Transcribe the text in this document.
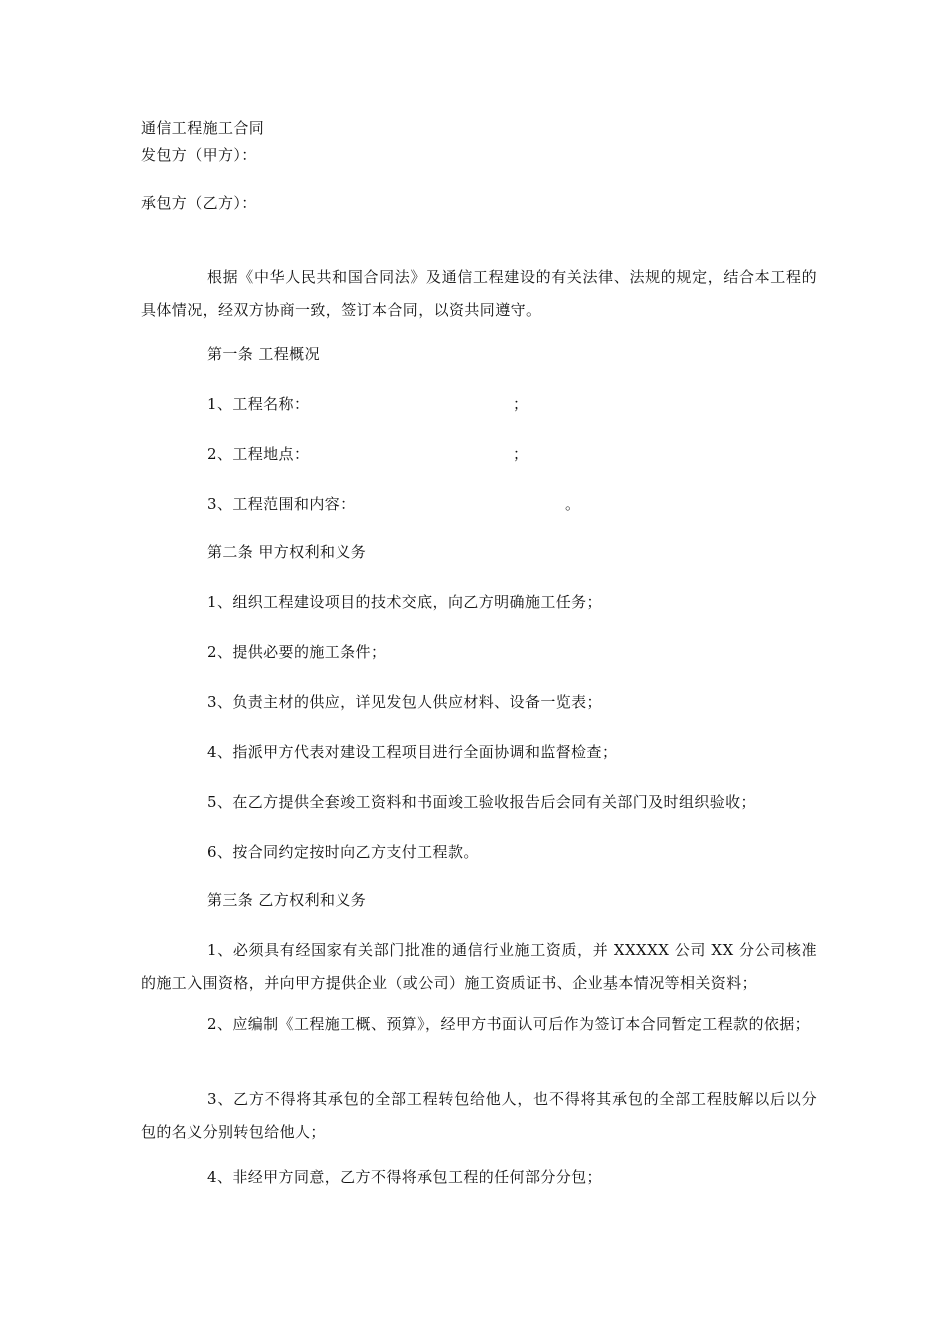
通信工程施工合同
发包方（甲方）：
承包方（乙方）：
根据《中华人民共和国合同法》及通信工程建设的有关法律、法规的规定，结合本工程的具体情况，经双方协商一致，签订本合同，以资共同遵守。
第一条 工程概况
1、工程名称：	；
2、工程地点：	；
3、工程范围和内容：	。
第二条 甲方权利和义务
1、组织工程建设项目的技术交底，向乙方明确施工任务；
2、提供必要的施工条件；
3、负责主材的供应，详见发包人供应材料、设备一览表；
4、指派甲方代表对建设工程项目进行全面协调和监督检查；
5、在乙方提供全套竣工资料和书面竣工验收报告后会同有关部门及时组织验收；
6、按合同约定按时向乙方支付工程款。
第三条 乙方权利和义务
1、必须具有经国家有关部门批准的通信行业施工资质，并 XXXXX 公司 XX 分公司核准的施工入围资格，并向甲方提供企业（或公司）施工资质证书、企业基本情况等相关资料；
2、应编制《工程施工概、预算》，经甲方书面认可后作为签订本合同暂定工程款的依据；
3、乙方不得将其承包的全部工程转包给他人，也不得将其承包的全部工程肢解以后以分包的名义分别转包给他人；
4、非经甲方同意，乙方不得将承包工程的任何部分分包；
